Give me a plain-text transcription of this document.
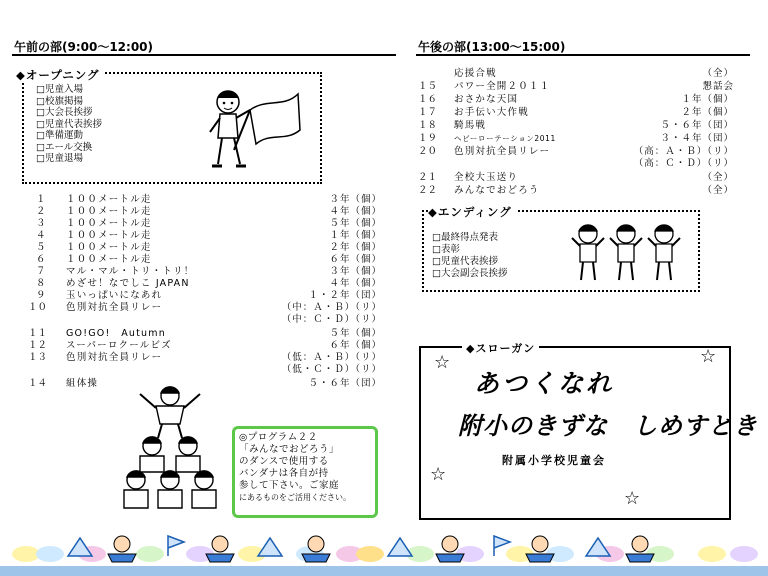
午前の部(9:00〜12:00)	午後の部(13:00〜15:00)
◆オープニング
□児童入場
□校旗掲揚
□大会長挨拶
□児童代表挨拶
□準備運動
□エール交換
□児童退場
１ １００メートル走	３年（個）
２ １００メートル走	４年（個）
３ １００メートル走	５年（個）
４ １００メートル走	１年（個）
５ １００メートル走	２年（個）
６ １００メートル走	６年（個）
７ マル・マル・トリ・トリ！	３年（個）
８ めざせ！なでしこ JAPAN	４年（個）
９ 玉いっぱいになあれ	１・２年（団）
１０ 色別対抗全員リレー	（中：Ａ・Ｂ）（リ）
（中：Ｃ・Ｄ）（リ）
１１ GO!GO!　Autumn	５年（個）
１２ スーパーロクールビズ	６年（個）
１３ 色別対抗全員リレー	（低：Ａ・Ｂ）（リ）
（低・Ｃ・Ｄ）（リ）
１４ 組体操	５・６年（団）
◎プログラム２２
「みんなでおどろう」
のダンスで使用する
バンダナは各自が持
参して下さい。ご家庭
にあるものをご活用ください。
応援合戦	（全）
１５ パワー全開２０１１	懇話会
１６ おさかな天国	１年（個）
１７ お手伝い大作戦	２年（個）
１８ 騎馬戦	５・６年（団）
１９ ヘビーローテーション2011	３・４年（団）
２０ 色別対抗全員リレー	（高：Ａ・Ｂ）（リ）
（高：Ｃ・Ｄ）（リ）
２１ 全校大玉送り	（全）
２２ みんなでおどろう	（全）
◆エンディング
□最終得点発表
□表彰
□児童代表挨拶
□大会副会長挨拶
◆スローガン
あつくなれ
附小のきずな　しめすとき
附属小学校児童会
☆	☆
☆
☆
